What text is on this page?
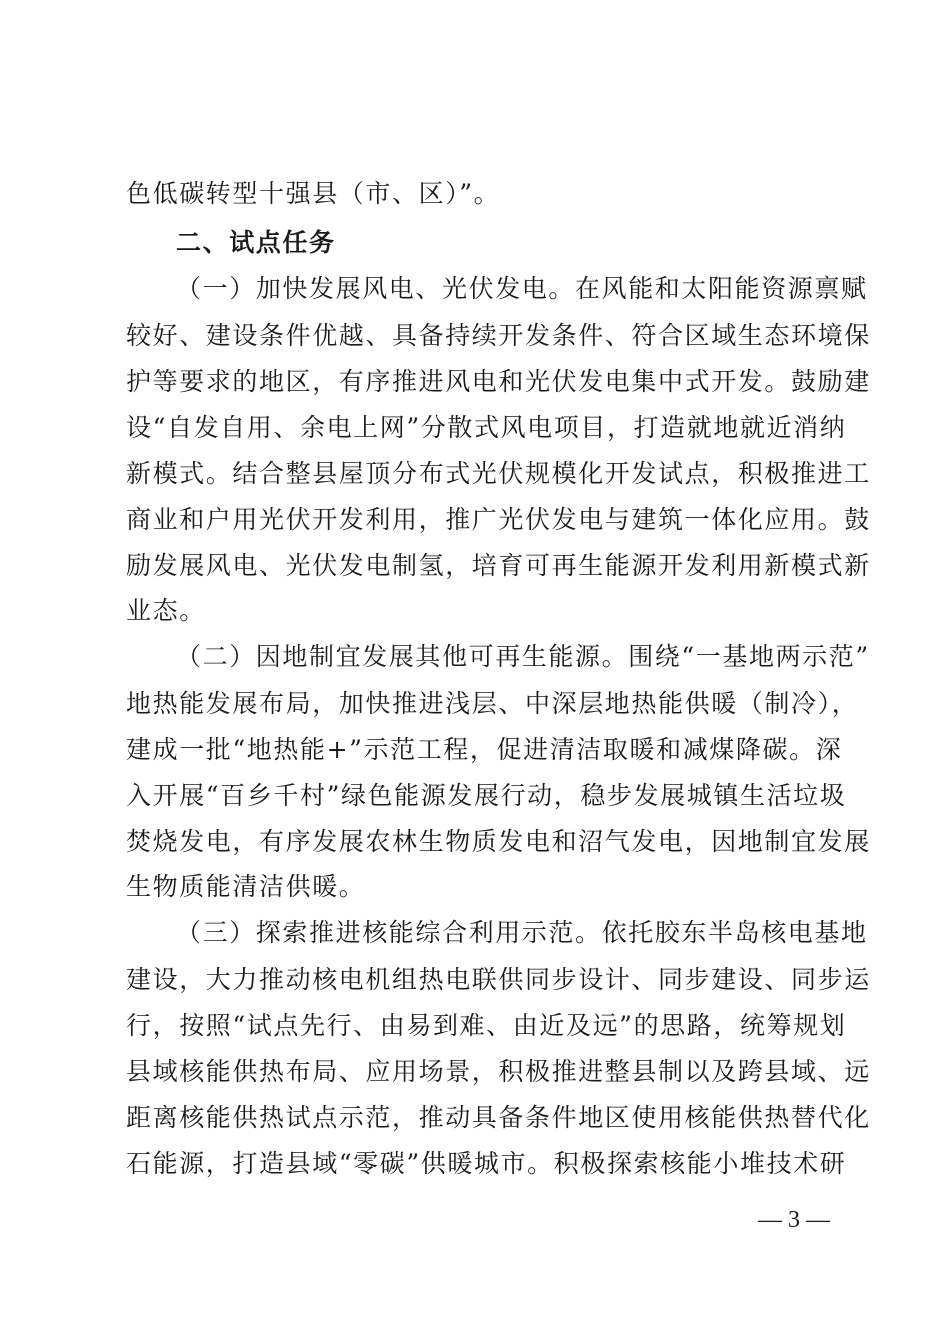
色低碳转型十强县（市、区）”。
二、试点任务
（一）加快发展风电、光伏发电。在风能和太阳能资源禀赋
较好、建设条件优越、具备持续开发条件、符合区域生态环境保
护等要求的地区，有序推进风电和光伏发电集中式开发。鼓励建
设“自发自用、余电上网”分散式风电项目，打造就地就近消纳
新模式。结合整县屋顶分布式光伏规模化开发试点，积极推进工
商业和户用光伏开发利用，推广光伏发电与建筑一体化应用。鼓
励发展风电、光伏发电制氢，培育可再生能源开发利用新模式新
业态。
（二）因地制宜发展其他可再生能源。围绕“一基地两示范”
地热能发展布局，加快推进浅层、中深层地热能供暖（制冷），
建成一批“地热能+”示范工程，促进清洁取暖和减煤降碳。深
入开展“百乡千村”绿色能源发展行动，稳步发展城镇生活垃圾
焚烧发电，有序发展农林生物质发电和沼气发电，因地制宜发展
生物质能清洁供暖。
（三）探索推进核能综合利用示范。依托胶东半岛核电基地
建设，大力推动核电机组热电联供同步设计、同步建设、同步运
行，按照“试点先行、由易到难、由近及远”的思路，统筹规划
县域核能供热布局、应用场景，积极推进整县制以及跨县域、远
距离核能供热试点示范，推动具备条件地区使用核能供热替代化
石能源，打造县域“零碳”供暖城市。积极探索核能小堆技术研
— 3 —
